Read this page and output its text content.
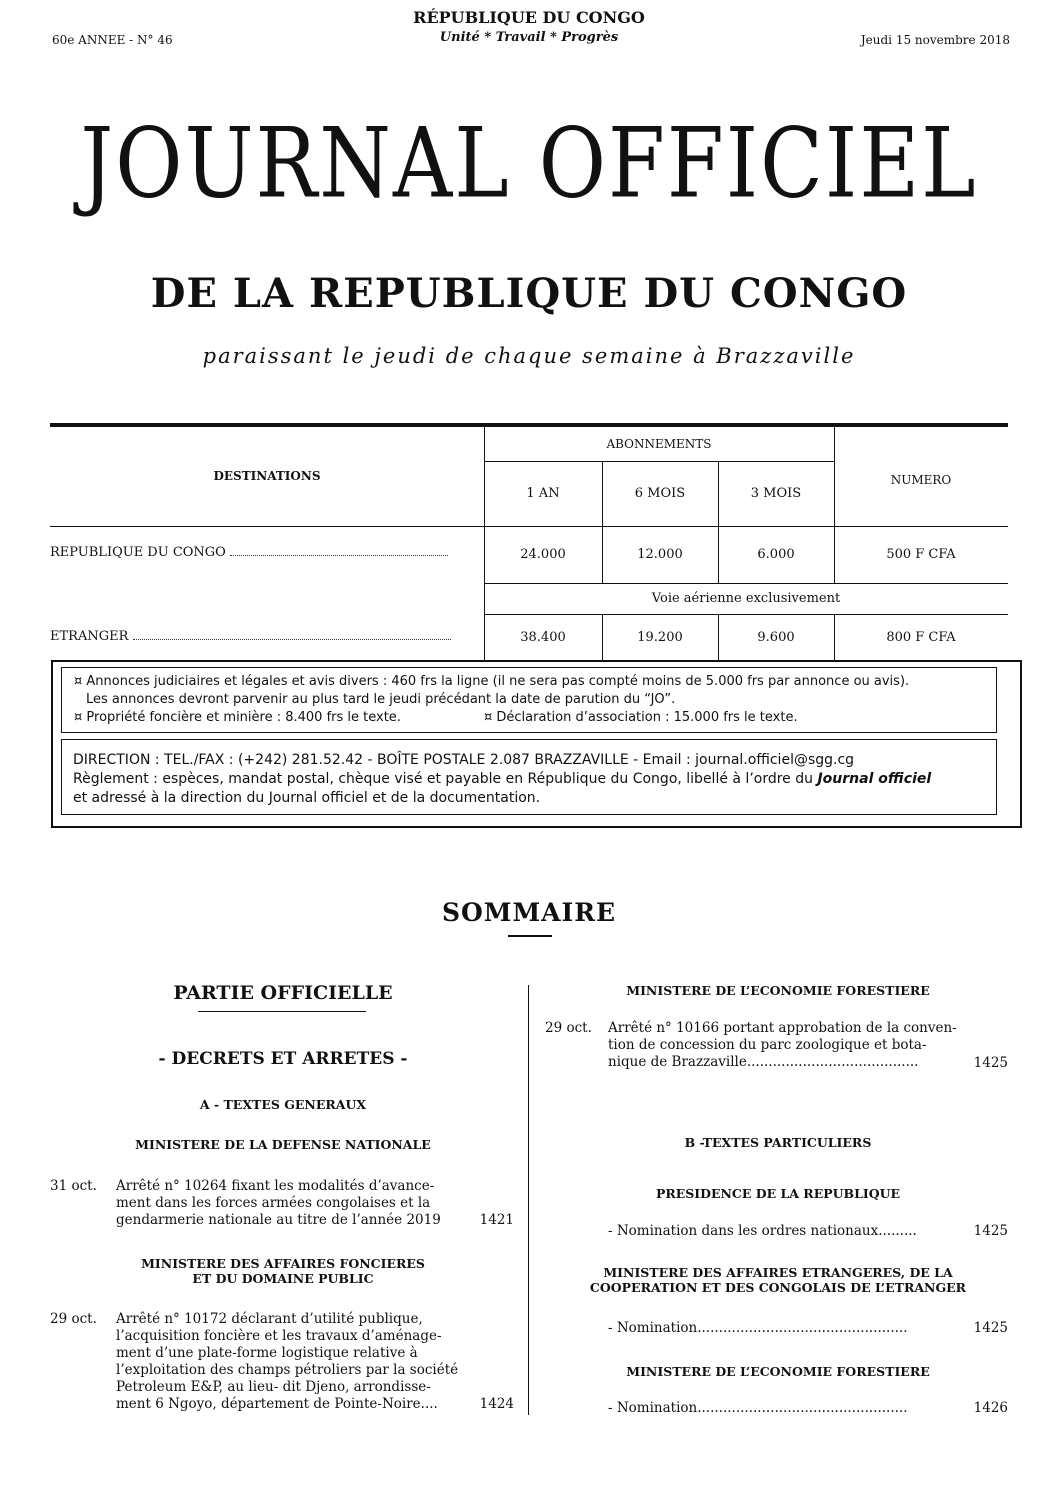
RÉPUBLIQUE DU CONGO
Unité * Travail * Progrès
60e ANNEE - N° 46	Jeudi 15 novembre 2018
JOURNAL OFFICIEL
DE LA REPUBLIQUE DU CONGO
paraissant le jeudi de chaque semaine à Brazzaville
DESTINATIONS
ABONNEMENTS
NUMERO
1 AN	6 MOIS	3 MOIS
REPUBLIQUE DU CONGO	24.000	12.000	6.000	500 F CFA
Voie aérienne exclusivement
ETRANGER	38.400	19.200	9.600	800 F CFA
¤ Annonces judiciaires et légales et avis divers : 460 frs la ligne (il ne sera pas compté moins de 5.000 frs par annonce ou avis).
Les annonces devront parvenir au plus tard le jeudi précédant la date de parution du “JO”.
¤ Propriété foncière et minière : 8.400 frs le texte.	¤ Déclaration d’association : 15.000 frs le texte.
DIRECTION : TEL./FAX : (+242) 281.52.42 - BOÎTE POSTALE 2.087 BRAZZAVILLE - Email : journal.officiel@sgg.cg
Règlement : espèces, mandat postal, chèque visé et payable en République du Congo, libellé à l’ordre du Journal officiel
et adressé à la direction du Journal officiel et de la documentation.
SOMMAIRE
PARTIE OFFICIELLE
- DECRETS ET ARRETES -
A - TEXTES GENERAUX
MINISTERE DE LA DEFENSE NATIONALE
31 oct. Arrêté n° 10264 fixant les modalités d’avance-
ment dans les forces armées congolaises et la
gendarmerie nationale au titre de l’année 2019	1421
MINISTERE DES AFFAIRES FONCIERES
ET DU DOMAINE PUBLIC
29 oct. Arrêté n° 10172 déclarant d’utilité publique,
l’acquisition foncière et les travaux d’aménage-
ment d’une plate-forme logistique relative à
l’exploitation des champs pétroliers par la société
Petroleum E&P, au lieu- dit Djeno, arrondisse-
ment 6 Ngoyo, département de Pointe-Noire....	1424
MINISTERE DE L’ECONOMIE FORESTIERE
29 oct. Arrêté n° 10166 portant approbation de la conven-
tion de concession du parc zoologique et bota-
nique de Brazzaville........................................	1425
B -TEXTES PARTICULIERS
PRESIDENCE DE LA REPUBLIQUE
- Nomination dans les ordres nationaux.........	1425
MINISTERE DES AFFAIRES ETRANGERES, DE LA
COOPERATION ET DES CONGOLAIS DE L’ETRANGER
- Nomination.................................................	1425
MINISTERE DE L’ECONOMIE FORESTIERE
- Nomination.................................................	1426
